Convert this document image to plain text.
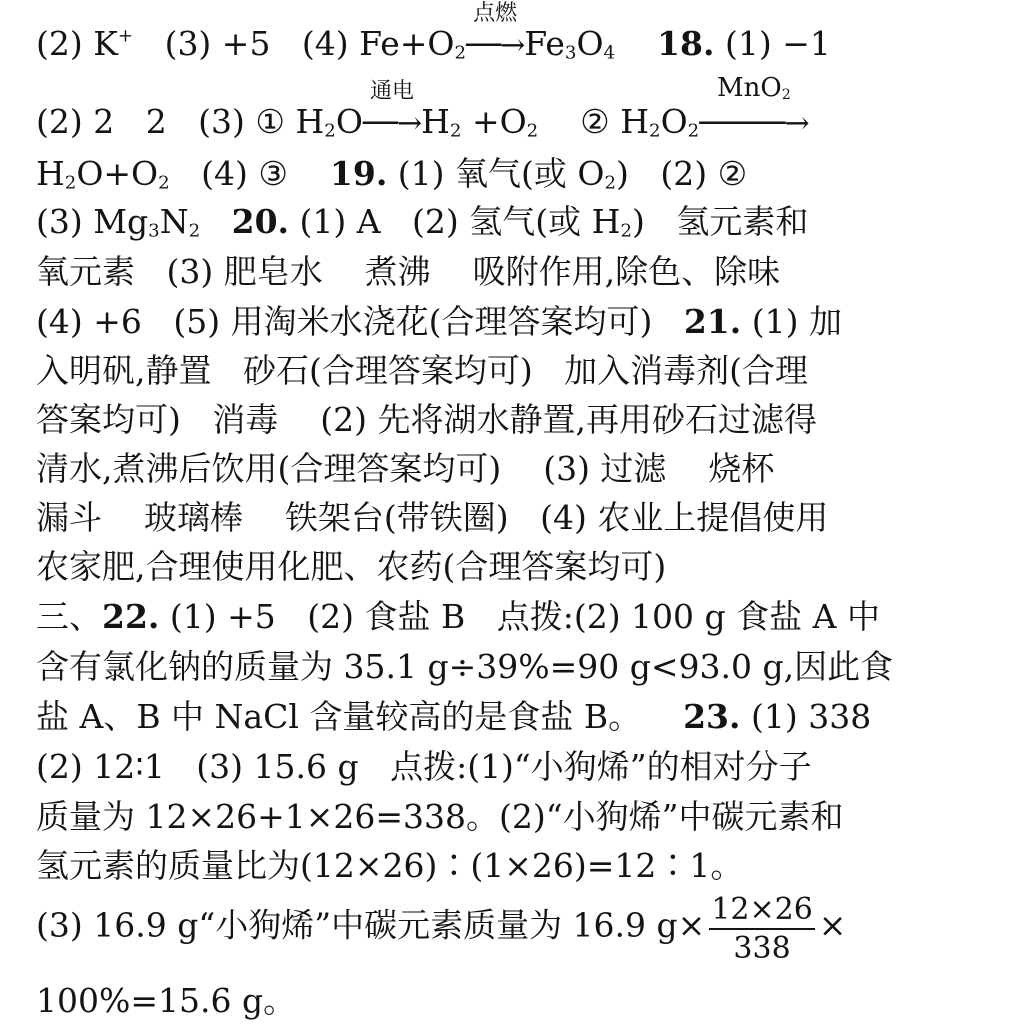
(2) K+   (3) +5   (4) $Fe+O_2$
点燃
$──\to Fe_3O_4$ 18. (1) −1
(2) 2   2   (3) ① $H_2O$
通电
$──\to H_2 +O_2$    ② $H_2O_2$
MnO$_2$
─────→
$H_2O+O_2$   (4) ③    19. (1) 氧气(或 $O_2$)   (2) ②
(3) $Mg_3N_2$ 20. (1) A   (2) 氢气(或 $H_2$)   氢元素和
氧元素   (3) 肥皂水    煮沸    吸附作用,除色、除味
(4) +6   (5) 用淘米水浇花(合理答案均可)   21. (1) 加
入明矾,静置   砂石(合理答案均可)   加入消毒剂(合理
答案均可)   消毒    (2) 先将湖水静置,再用砂石过滤得
清水,煮沸后饮用(合理答案均可)    (3) 过滤    烧杯
漏斗    玻璃棒    铁架台(带铁圈)   (4) 农业上提倡使用
农家肥,合理使用化肥、农药(合理答案均可)
三、22. (1) +5   (2) 食盐 B   点拨:(2) 100 g 食盐 A 中
含有氯化钠的质量为 35.1 g÷39%=90 g<93.0 g,因此食
盐 A、B 中 NaCl 含量较高的是食盐 B。    23. (1) 338
(2) 12∶1   (3) 15.6 g   点拨:(1)“小狗烯”的相对分子
质量为 12×26+1×26=338。(2)“小狗烯”中碳元素和
氢元素的质量比为(12×26)∶(1×26)=12∶1。
(3) 16.9 g“小狗烯”中碳元素质量为 16.9 $g\times \frac{12\times 26}{338}$ ×
100%=15.6 g。
